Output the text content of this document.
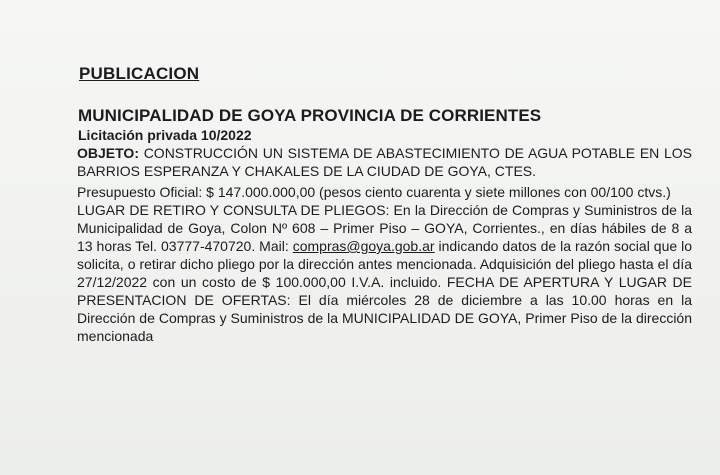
PUBLICACION
MUNICIPALIDAD DE GOYA PROVINCIA DE CORRIENTES
Licitación privada 10/2022
OBJETO: CONSTRUCCIÓN UN SISTEMA DE ABASTECIMIENTO DE AGUA POTABLE EN LOS BARRIOS ESPERANZA Y CHAKALES DE LA CIUDAD DE GOYA, CTES.
Presupuesto Oficial: $ 147.000.000,00 (pesos ciento cuarenta y siete millones con 00/100 ctvs.)
LUGAR DE RETIRO Y CONSULTA DE PLIEGOS: En la Dirección de Compras y Suministros de la Municipalidad de Goya, Colon Nº 608 – Primer Piso – GOYA, Corrientes., en días hábiles de 8 a 13 horas Tel. 03777-470720. Mail: compras@goya.gob.ar indicando datos de la razón social que lo solicita, o retirar dicho pliego por la dirección antes mencionada. Adquisición del pliego hasta el día 27/12/2022 con un costo de $ 100.000,00 I.V.A. incluido. FECHA DE APERTURA Y LUGAR DE PRESENTACION DE OFERTAS: El día miércoles 28 de diciembre a las 10.00 horas en la Dirección de Compras y Suministros de la MUNICIPALIDAD DE GOYA, Primer Piso de la dirección mencionada
